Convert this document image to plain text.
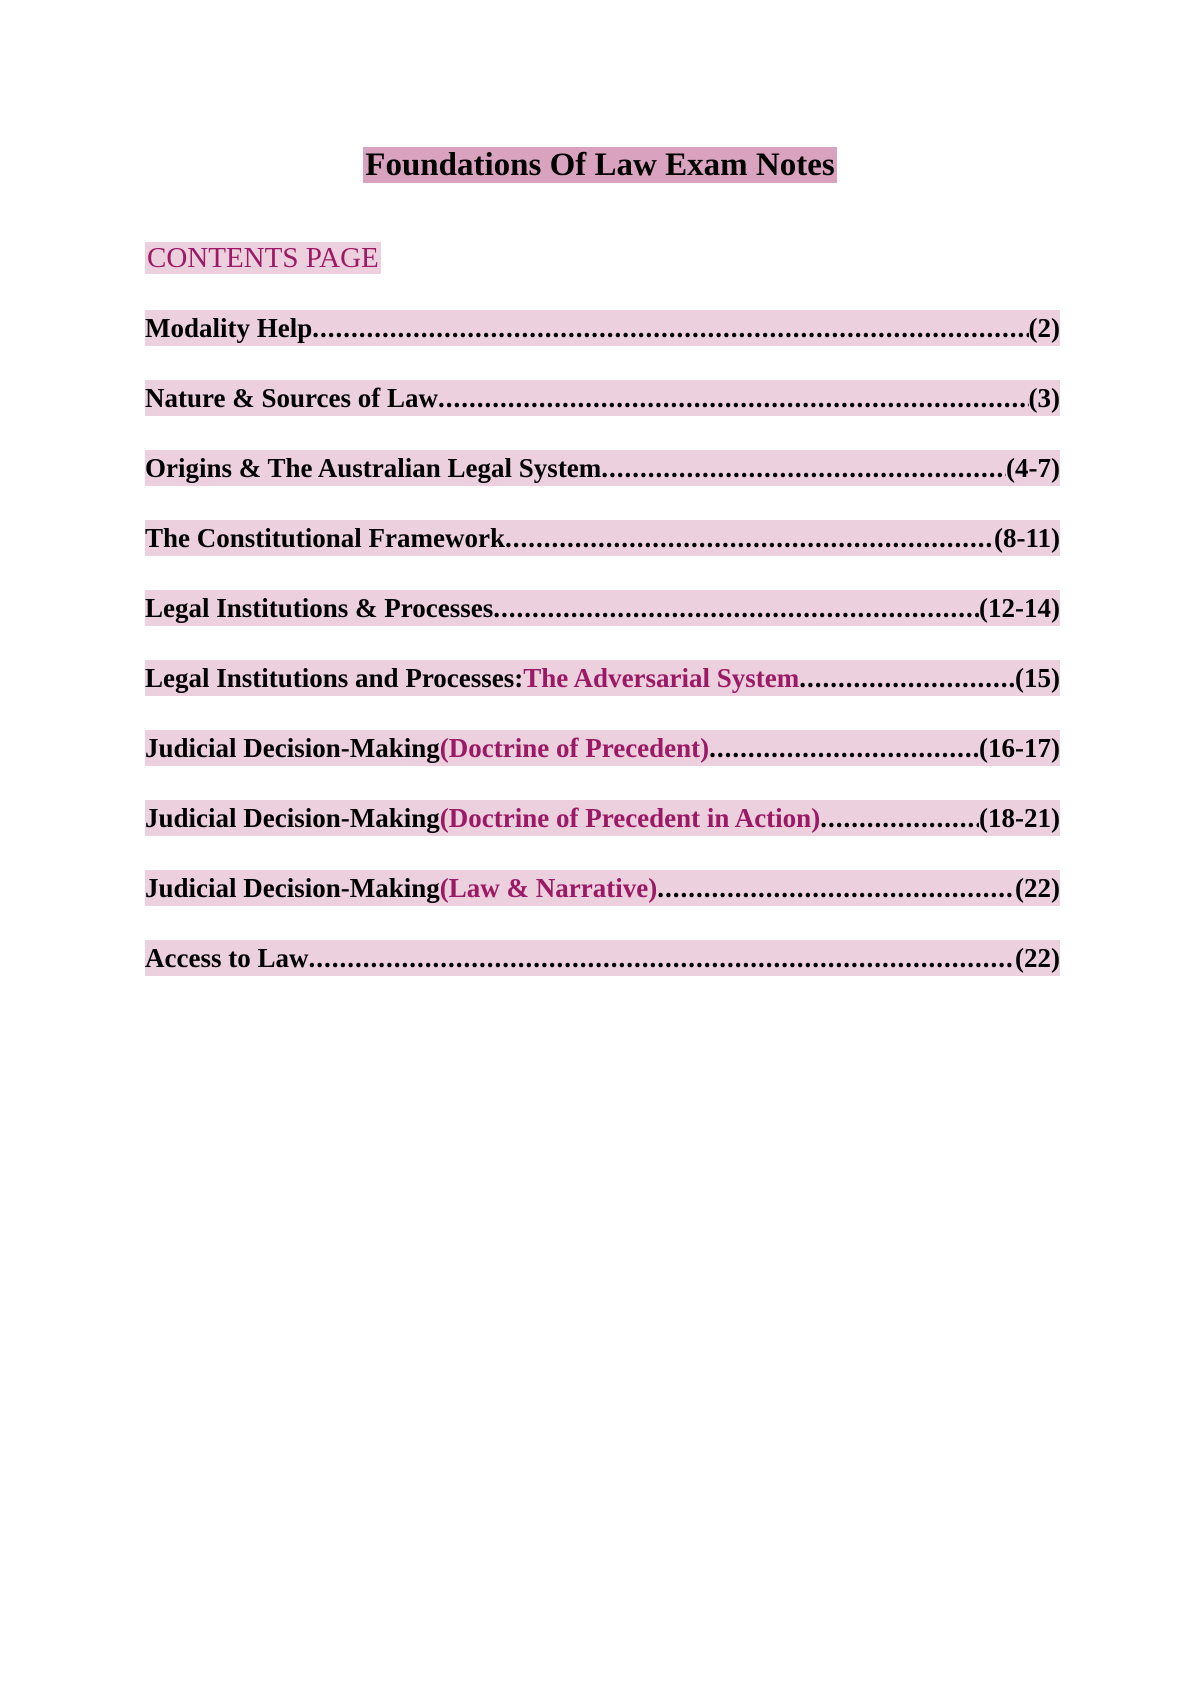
Foundations Of Law Exam Notes
CONTENTS PAGE
Modality Help .....	(2)
Nature & Sources of Law .....	(3)
Origins & The Australian Legal System .....	(4-7)
The Constitutional Framework .....	(8-11)
Legal Institutions & Processes .....	(12-14)
Legal Institutions and Processes: The Adversarial System .....	(15)
Judicial Decision-Making (Doctrine of Precedent) .....	(16-17)
Judicial Decision-Making (Doctrine of Precedent in Action) .....	(18-21)
Judicial Decision-Making (Law & Narrative) .....	(22)
Access to Law .....	(22)
